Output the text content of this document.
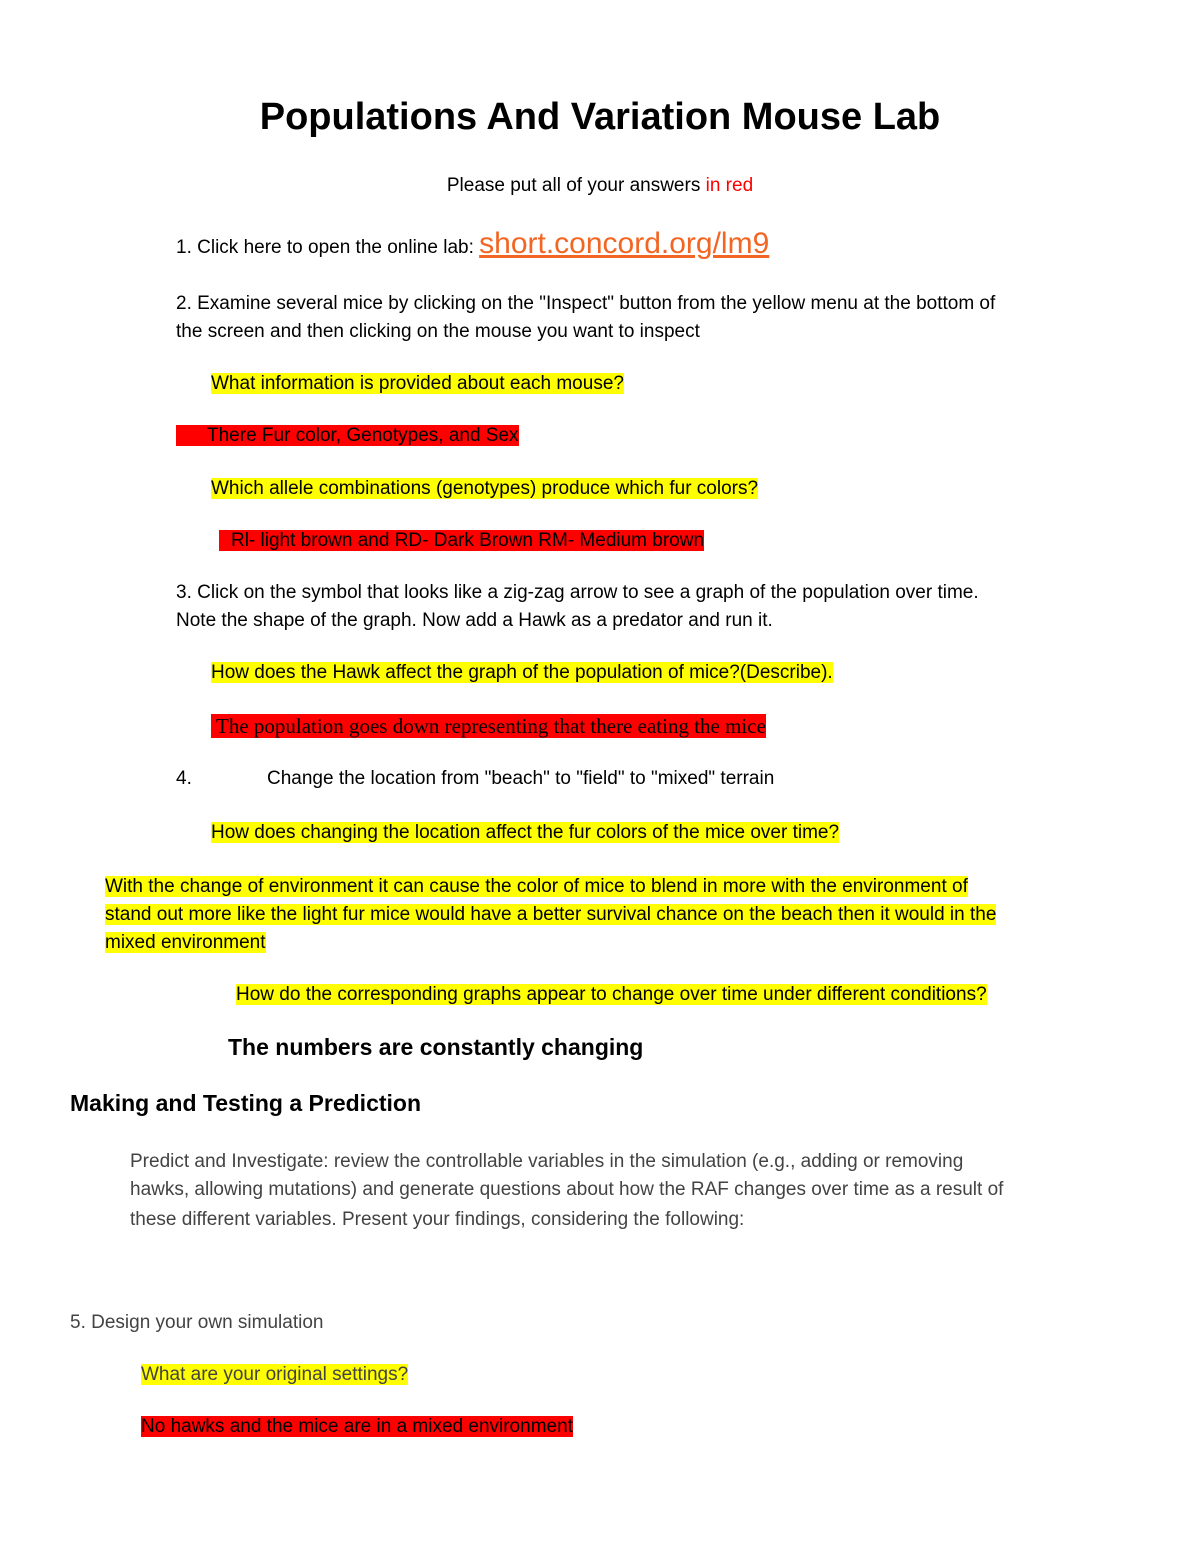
Populations And Variation Mouse Lab
Please put all of your answers in red
1. Click here to open the online lab: short.concord.org/lm9
2. Examine several mice by clicking on the "Inspect" button from the yellow menu at the bottom of
the screen and then clicking on the mouse you want to inspect
What information is provided about each mouse?
There Fur color, Genotypes, and Sex
Which allele combinations (genotypes) produce which fur colors?
Rl- light brown and RD- Dark Brown RM- Medium brown
3. Click on the symbol that looks like a zig-zag arrow to see a graph of the population over time.
Note the shape of the graph. Now add a Hawk as a predator and run it.
How does the Hawk affect the graph of the population of mice?(Describe).
The population goes down representing that there eating the mice
4.	Change the location from "beach" to "field" to "mixed" terrain
How does changing the location affect the fur colors of the mice over time?
With the change of environment it can cause the color of mice to blend in more with the environment of
stand out more like the light fur mice would have a better survival chance on the beach then it would in the
mixed environment
How do the corresponding graphs appear to change over time under different conditions?
The numbers are constantly changing
Making and Testing a Prediction
Predict and Investigate: review the controllable variables in the simulation (e.g., adding or removing
hawks, allowing mutations) and generate questions about how the RAF changes over time as a result of
these different variables. Present your findings, considering the following:
5. Design your own simulation
What are your original settings?
No hawks and the mice are in a mixed environment
